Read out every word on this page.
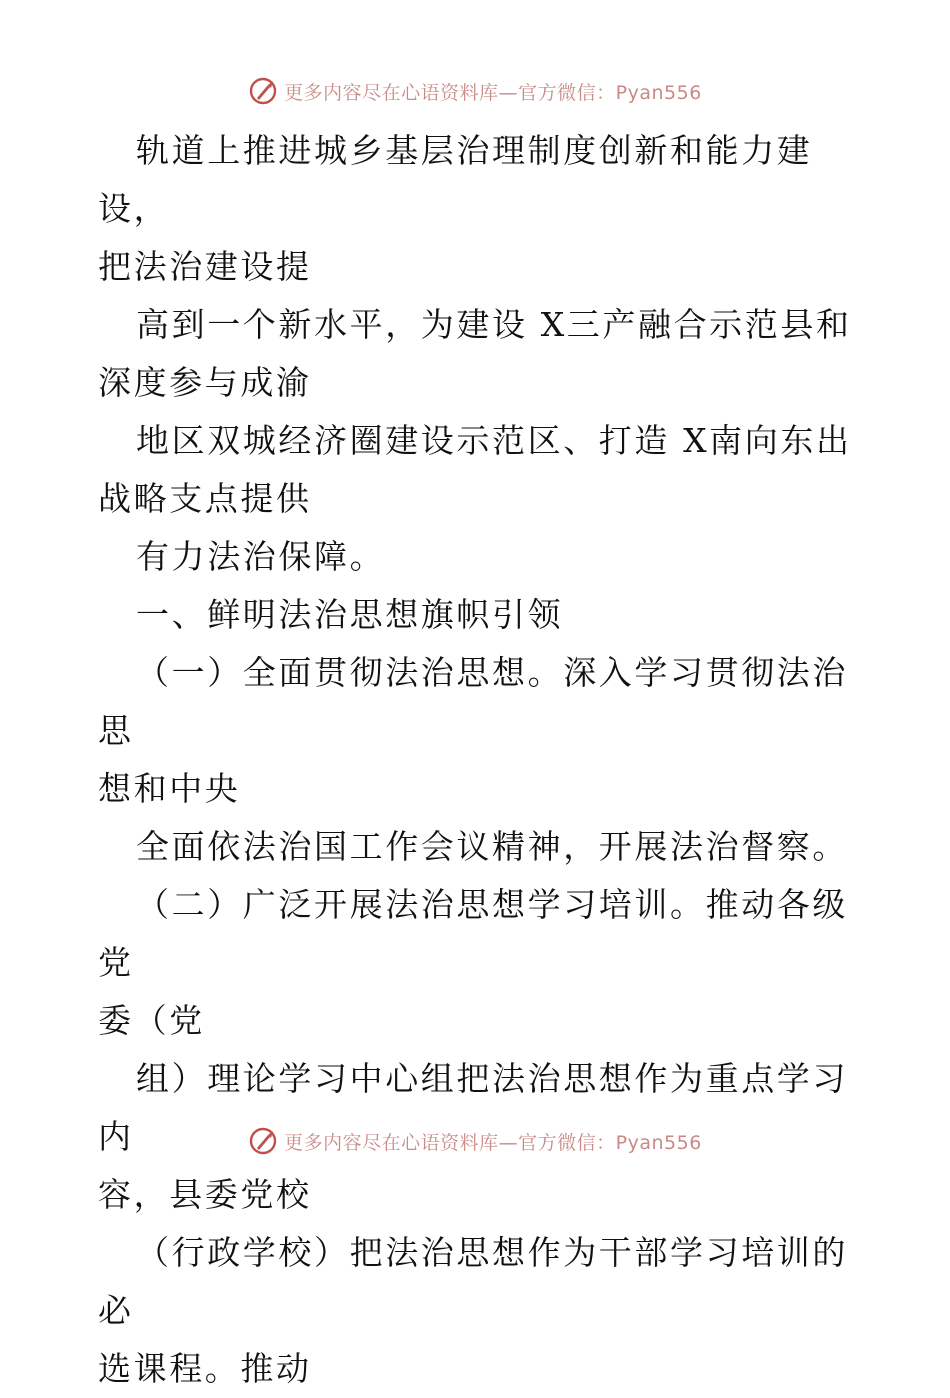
更多内容尽在心语资料库—官方微信：Pyan556

轨道上推进城乡基层治理制度创新和能力建设，

把法治建设提

高到一个新水平，为建设 X三产融合示范县和

深度参与成渝

地区双城经济圈建设示范区、打造 X南向东出

战略支点提供

有力法治保障。

一、鲜明法治思想旗帜引领

（一）全面贯彻法治思想。深入学习贯彻法治思

想和中央

全面依法治国工作会议精神，开展法治督察。

（二）广泛开展法治思想学习培训。推动各级党

委（党

组）理论学习中心组把法治思想作为重点学习内

容，县委党校

（行政学校）把法治思想作为干部学习培训的必

选课程。推动

更多内容尽在心语资料库—官方微信：Pyan556
